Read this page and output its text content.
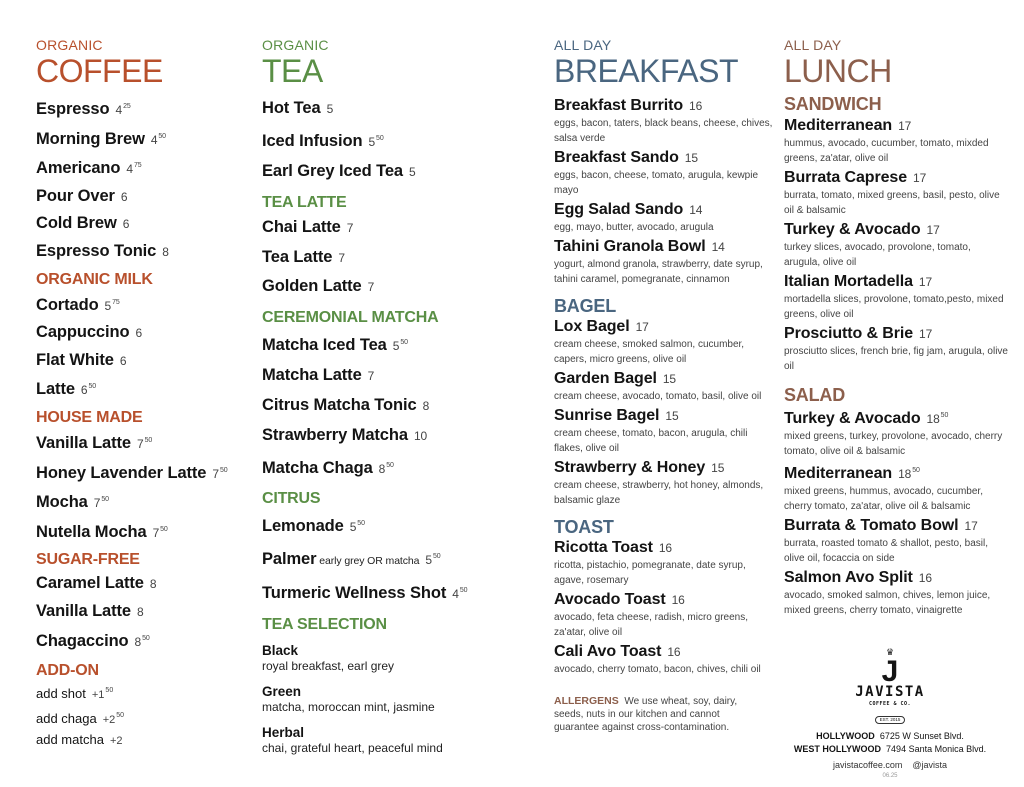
ORGANIC
COFFEE
Espresso $4^{25}$
Morning Brew $4^{50}$
Americano $4^{75}$
Pour Over 6
Cold Brew 6
Espresso Tonic 8
ORGANIC MILK
Cortado $5^{75}$
Cappuccino 6
Flat White 6
Latte $6^{50}$
HOUSE MADE
Vanilla Latte $7^{50}$
Honey Lavender Latte $7^{50}$
Mocha $7^{50}$
Nutella Mocha $7^{50}$
SUGAR-FREE
Caramel Latte 8
Vanilla Latte 8
Chagaccino $8^{50}$
ADD-ON
add shot $+1^{50}$
add chaga $+2^{50}$
add matcha +2
ORGANIC
TEA
Hot Tea 5
Iced Infusion $5^{50}$
Earl Grey Iced Tea 5
TEA LATTE
Chai Latte 7
Tea Latte 7
Golden Latte 7
CEREMONIAL MATCHA
Matcha Iced Tea $5^{50}$
Matcha Latte 7
Citrus Matcha Tonic 8
Strawberry Matcha 10
Matcha Chaga $8^{50}$
CITRUS
Lemonade $5^{50}$
Palmer early grey OR matcha $5^{50}$
Turmeric Wellness Shot $4^{50}$
TEA SELECTION
Black
royal breakfast, earl grey
Green
matcha, moroccan mint, jasmine
Herbal
chai, grateful heart, peaceful mind
ALL DAY
BREAKFAST
Breakfast Burrito 16
eggs, bacon, taters, black beans, cheese, chives, salsa verde
Breakfast Sando 15
eggs, bacon, cheese, tomato, arugula, kewpie mayo
Egg Salad Sando 14
egg, mayo, butter, avocado, arugula
Tahini Granola Bowl 14
yogurt, almond granola, strawberry, date syrup, tahini caramel, pomegranate, cinnamon
BAGEL
Lox Bagel 17
cream cheese, smoked salmon, cucumber, capers, micro greens, olive oil
Garden Bagel 15
cream cheese, avocado, tomato, basil, olive oil
Sunrise Bagel 15
cream cheese, tomato, bacon, arugula, chili flakes, olive oil
Strawberry & Honey 15
cream cheese, strawberry, hot honey, almonds, balsamic glaze
TOAST
Ricotta Toast 16
ricotta, pistachio, pomegranate, date syrup, agave, rosemary
Avocado Toast 16
avocado, feta cheese, radish, micro greens, za'atar, olive oil
Cali Avo Toast 16
avocado, cherry tomato, bacon, chives, chili oil
ALLERGENS We use wheat, soy, dairy, seeds, nuts in our kitchen and cannot guarantee against cross-contamination.
ALL DAY
LUNCH
SANDWICH
Mediterranean 17
hummus, avocado, cucumber, tomato, mixded greens, za'atar, olive oil
Burrata Caprese 17
burrata, tomato, mixed greens, basil, pesto, olive oil & balsamic
Turkey & Avocado 17
turkey slices, avocado, provolone, tomato, arugula, olive oil
Italian Mortadella 17
mortadella slices, provolone, tomato,pesto, mixed greens, olive oil
Prosciutto & Brie 17
prosciutto slices, french brie, fig jam, arugula, olive oil
SALAD
Turkey & Avocado $18^{50}$
mixed greens, turkey, provolone, avocado, cherry tomato, olive oil & balsamic
Mediterranean $18^{50}$
mixed greens, hummus, avocado, cucumber, cherry tomato, za'atar, olive oil & balsamic
Burrata & Tomato Bowl 17
burrata, roasted tomato & shallot, pesto, basil, olive oil, focaccia on side
Salmon Avo Split 16
avocado, smoked salmon, chives, lemon juice, mixed greens, cherry tomato, vinaigrette
♛
J
JAVISTA
COFFEE & CO.
EST. 2015
HOLLYWOOD 6725 W Sunset Blvd.
WEST HOLLYWOOD 7494 Santa Monica Blvd.
javistacoffee.com @javista
06.25
